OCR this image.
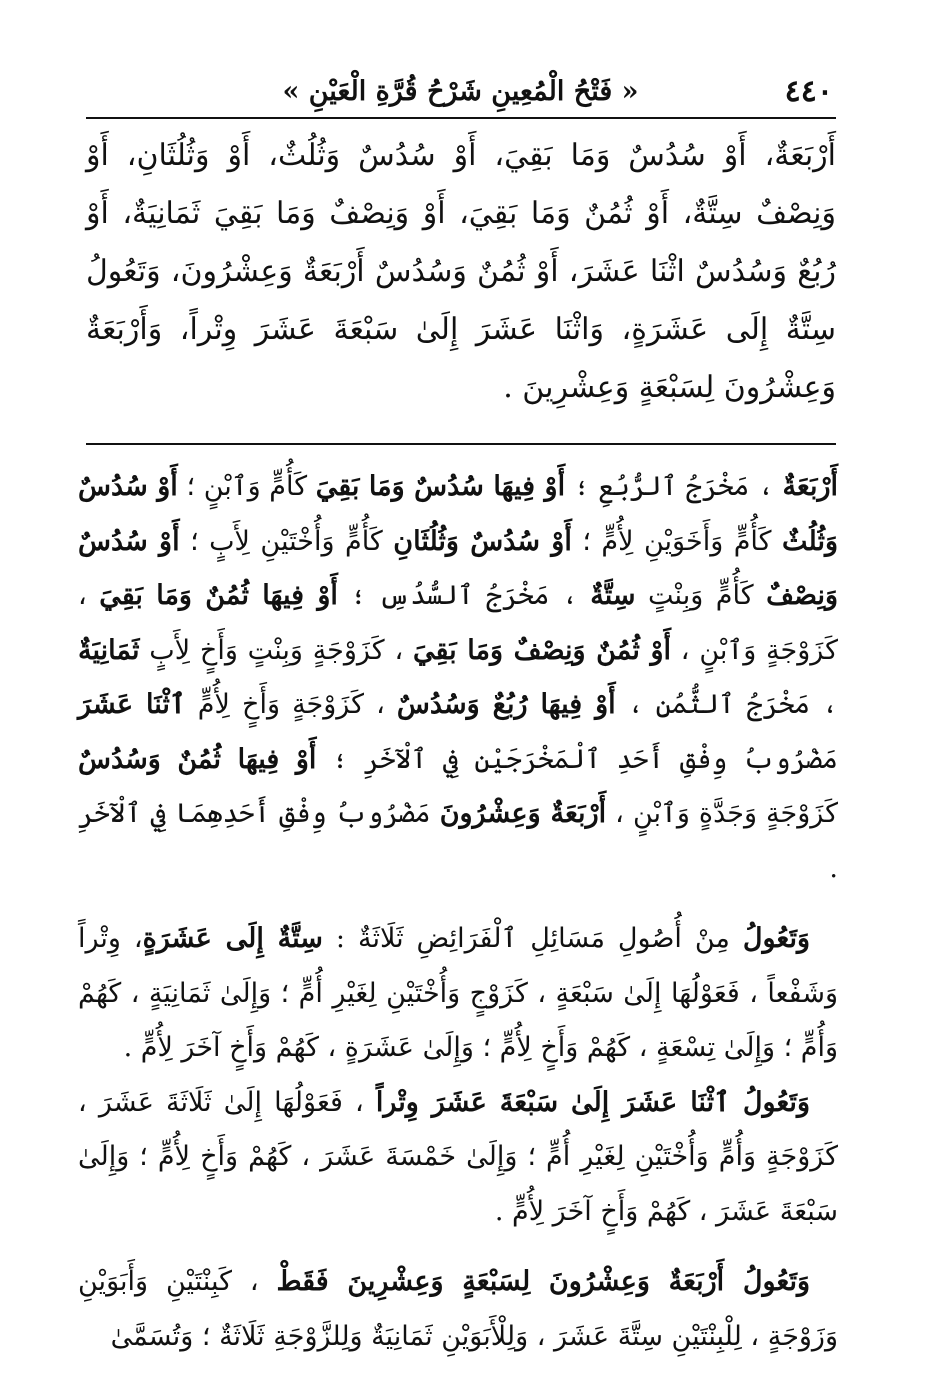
٤٤٠
« فَتْحُ الْمُعِينِ شَرْحُ قُرَّةِ الْعَيْنِ »
أَرْبَعَةٌ، أَوْ سُدُسٌ وَمَا بَقِيَ، أَوْ سُدُسٌ وَثُلُثٌ، أَوْ وَثُلُثَانِ، أَوْ وَنِصْفٌ سِتَّةٌ، أَوْ ثُمُنٌ وَمَا بَقِيَ، أَوْ وَنِصْفٌ وَمَا بَقِيَ ثَمَانِيَةٌ، أَوْ رُبُعٌ وَسُدُسٌ اثْنَا عَشَرَ، أَوْ ثُمُنٌ وَسُدُسٌ أَرْبَعَةٌ وَعِشْرُونَ، وَتَعُولُ سِتَّةٌ إِلَى عَشَرَةٍ، وَاثْنَا عَشَرَ إِلَىٰ سَبْعَةَ عَشَرَ وِتْراً، وَأَرْبَعَةٌ وَعِشْرُونَ لِسَبْعَةٍ وَعِشْرِينَ .

أَرْبَعَةٌ ، مَخْرَجُ ٱلرُّبُعِ ؛ أَوْ فِيهَا سُدُسٌ وَمَا بَقِيَ كَأُمٍّ وَٱبْنٍ ؛ أَوْ سُدُسٌ وَثُلُثٌ كَأُمٍّ وَأَخَوَيْنِ لِأُمٍّ ؛ أَوْ سُدُسٌ وَثُلُثَانِ كَأُمٍّ وَأُخْتَيْنِ لِأَبٍ ؛ أَوْ سُدُسٌ وَنِصْفٌ كَأُمٍّ وَبِنْتٍ سِتَّةٌ ، مَخْرَجُ ٱلسُّدُسِ ؛ أَوْ فِيهَا ثُمُنٌ وَمَا بَقِيَ ، كَزَوْجَةٍ وَٱبْنٍ ، أَوْ ثُمُنٌ وَنِصْفٌ وَمَا بَقِيَ ، كَزَوْجَةٍ وَبِنْتٍ وَأَخٍ لِأَبٍ ثَمَانِيَةٌ ، مَخْرَجُ ٱلثُّمُنِ ، أَوْ فِيهَا رُبُعٌ وَسُدُسٌ ، كَزَوْجَةٍ وَأَخٍ لِأُمٍّ ٱثْنَا عَشَرَ مَضْرُوبُ وِفْقِ أَحَدِ ٱلْمَخْرَجَيْنِ فِي ٱلْآخَرِ ؛ أَوْ فِيهَا ثُمُنٌ وَسُدُسٌ كَزَوْجَةٍ وَجَدَّةٍ وَٱبْنٍ ، أَرْبَعَةٌ وَعِشْرُونَ مَضْرُوبُ وِفْقِ أَحَدِهِمَا فِي ٱلْآخَرِ .

وَتَعُولُ مِنْ أُصُولِ مَسَائِلِ ٱلْفَرَائِضِ ثَلَاثَةٌ : سِتَّةٌ إِلَى عَشَرَةٍ، وِتْراً وَشَفْعاً ، فَعَوْلُهَا إِلَىٰ سَبْعَةٍ ، كَزَوْجٍ وَأُخْتَيْنِ لِغَيْرِ أُمٍّ ؛ وَإِلَىٰ ثَمَانِيَةٍ ، كَهُمْ وَأُمٍّ ؛ وَإِلَىٰ تِسْعَةٍ ، كَهُمْ وَأَخٍ لِأُمٍّ ؛ وَإِلَىٰ عَشَرَةٍ ، كَهُمْ وَأَخٍ آخَرَ لِأُمٍّ .

وَتَعُولُ ٱثْنَا عَشَرَ إِلَىٰ سَبْعَةَ عَشَرَ وِتْراً ، فَعَوْلُهَا إِلَىٰ ثَلَاثَةَ عَشَرَ ، كَزَوْجَةٍ وَأُمٍّ وَأُخْتَيْنِ لِغَيْرِ أُمٍّ ؛ وَإِلَىٰ خَمْسَةَ عَشَرَ ، كَهُمْ وَأَخٍ لِأُمٍّ ؛ وَإِلَىٰ سَبْعَةَ عَشَرَ ، كَهُمْ وَأَخٍ آخَرَ لِأُمٍّ .

وَتَعُولُ أَرْبَعَةٌ وَعِشْرُونَ لِسَبْعَةٍ وَعِشْرِينَ فَقَطْ ، كَبِنْتَيْنِ وَأَبَوَيْنِ وَزَوْجَةٍ ، لِلْبِنْتَيْنِ سِتَّةَ عَشَرَ ، وَلِلْأَبَوَيْنِ ثَمَانِيَةٌ وَلِلزَّوْجَةِ ثَلَاثَةٌ ؛ وَتُسَمَّىٰ
